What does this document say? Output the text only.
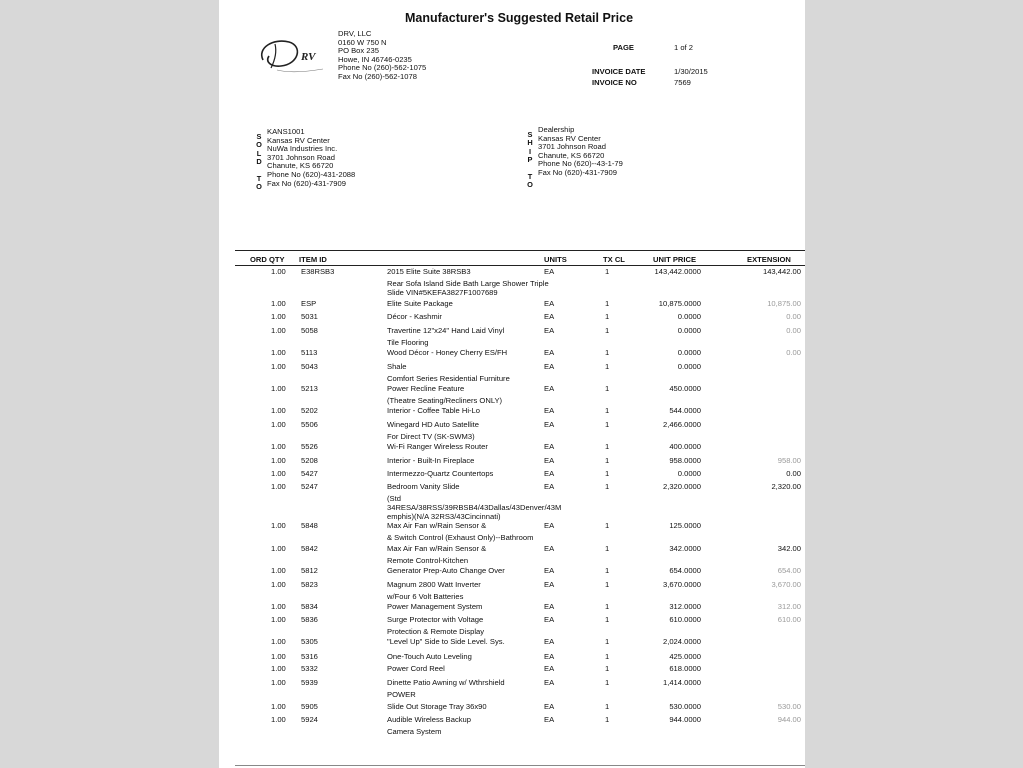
Manufacturer's Suggested Retail Price
RV
DRV, LLC
0160 W 750 N
PO Box 235
Howe, IN 46746-0235
Phone No (260)-562-1075
Fax No (260)-562-1078
PAGE	1 of 2
INVOICE DATE	1/30/2015
INVOICE NO	7569
S
O
L
D
T
O
KANS1001
Kansas RV Center
NuWa Industries Inc.
3701 Johnson Road
Chanute, KS 66720
Phone No (620)-431-2088
Fax No (620)-431-7909
S
H
I
P
T
O
Dealership
Kansas RV Center
3701 Johnson Road
Chanute, KS 66720
Phone No (620)--43-1-79
Fax No (620)-431-7909
ORD QTY ITEM ID	UNITS	TX CL	UNIT PRICE	EXTENSION
1.00 E38RSB3	2015 Elite Suite 38RSB3	EA	1	143,442.0000	143,442.00
Rear Sofa Island Side Bath Large Shower Triple
Slide VIN#5KEFA3827F1007689
1.00 ESP	Elite Suite Package	EA	1	10,875.0000	10,875.00
1.00 5031	Décor - Kashmir	EA	1	0.0000	0.00
1.00 5058	Travertine 12"x24" Hand Laid Vinyl	EA	1	0.0000	0.00
Tile Flooring
1.00 5113	Wood Décor - Honey Cherry ES/FH	EA	1	0.0000	0.00
1.00 5043	Shale	EA	1	0.0000
Comfort Series Residential Furniture
1.00 5213	Power Recline Feature	EA	1	450.0000
(Theatre Seating/Recliners ONLY)
1.00 5202	Interior - Coffee Table Hi-Lo	EA	1	544.0000
1.00 5506	Winegard HD Auto Satellite	EA	1	2,466.0000
For Direct TV (SK-SWM3)
1.00 5526	Wi-Fi Ranger Wireless Router	EA	1	400.0000
1.00 5208	Interior - Built-In Fireplace	EA	1	958.0000	958.00
1.00 5427	Intermezzo-Quartz Countertops	EA	1	0.0000	0.00
1.00 5247	Bedroom Vanity Slide	EA	1	2,320.0000	2,320.00
(Std
34RESA/38RSS/39RBSB4/43Dallas/43Denver/43M
emphis)(N/A 32RS3/43Cincinnati)
1.00 5848	Max Air Fan w/Rain Sensor &	EA	1	125.0000
& Switch Control (Exhaust Only)--Bathroom
1.00 5842	Max Air Fan w/Rain Sensor &	EA	1	342.0000	342.00
Remote Control-Kitchen
1.00 5812	Generator Prep-Auto Change Over	EA	1	654.0000	654.00
1.00 5823	Magnum 2800 Watt Inverter	EA	1	3,670.0000	3,670.00
w/Four 6 Volt Batteries
1.00 5834	Power Management System	EA	1	312.0000	312.00
1.00 5836	Surge Protector with Voltage	EA	1	610.0000	610.00
Protection & Remote Display
1.00 5305	"Level Up" Side to Side Level. Sys.	EA	1	2,024.0000
1.00 5316	One-Touch Auto Leveling	EA	1	425.0000
1.00 5332	Power Cord Reel	EA	1	618.0000
1.00 5939	Dinette Patio Awning w/ Wthrshield	EA	1	1,414.0000
POWER
1.00 5905	Slide Out Storage Tray 36x90	EA	1	530.0000	530.00
1.00 5924	Audible Wireless Backup	EA	1	944.0000	944.00
Camera System
